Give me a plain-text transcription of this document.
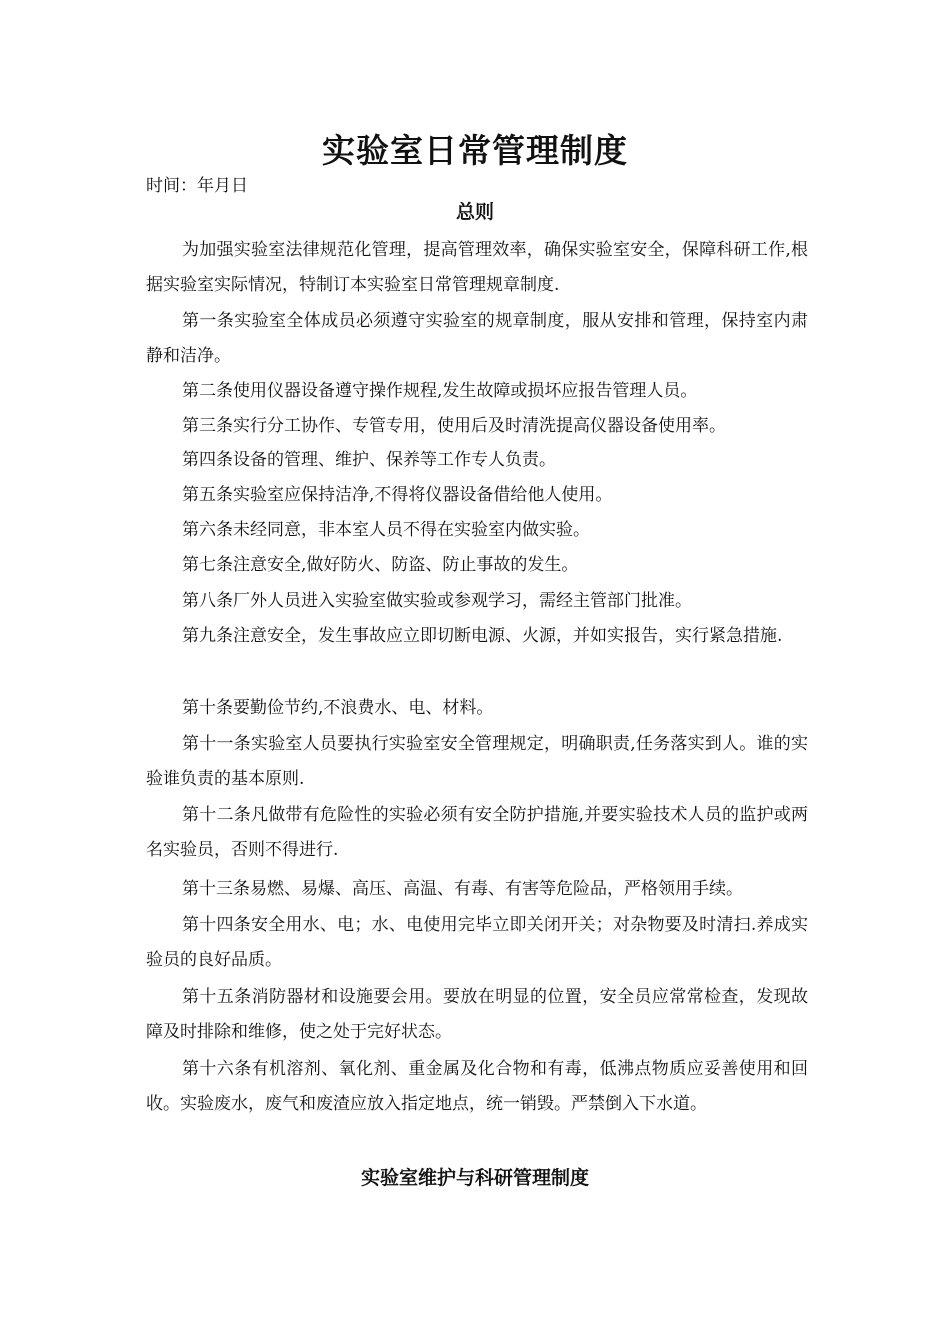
实验室日常管理制度
时间：年月日
总则
为加强实验室法律规范化管理，提高管理效率，确保实验室安全，保障科研工作,根据实验室实际情况，特制订本实验室日常管理规章制度.
第一条实验室全体成员必须遵守实验室的规章制度，服从安排和管理，保持室内肃静和洁净。
第二条使用仪器设备遵守操作规程,发生故障或损坏应报告管理人员。
第三条实行分工协作、专管专用，使用后及时清洗提高仪器设备使用率。
第四条设备的管理、维护、保养等工作专人负责。
第五条实验室应保持洁净,不得将仪器设备借给他人使用。
第六条未经同意，非本室人员不得在实验室内做实验。
第七条注意安全,做好防火、防盗、防止事故的发生。
第八条厂外人员进入实验室做实验或参观学习，需经主管部门批准。
第九条注意安全，发生事故应立即切断电源、火源，并如实报告，实行紧急措施.
第十条要勤俭节约,不浪费水、电、材料。
第十一条实验室人员要执行实验室安全管理规定，明确职责,任务落实到人。谁的实验谁负责的基本原则.
第十二条凡做带有危险性的实验必须有安全防护措施,并要实验技术人员的监护或两名实验员，否则不得进行.
第十三条易燃、易爆、高压、高温、有毒、有害等危险品，严格领用手续。
第十四条安全用水、电；水、电使用完毕立即关闭开关；对杂物要及时清扫.养成实验员的良好品质。
第十五条消防器材和设施要会用。要放在明显的位置，安全员应常常检查，发现故障及时排除和维修，使之处于完好状态。
第十六条有机溶剂、氧化剂、重金属及化合物和有毒，低沸点物质应妥善使用和回收。实验废水，废气和废渣应放入指定地点，统一销毁。严禁倒入下水道。
实验室维护与科研管理制度
